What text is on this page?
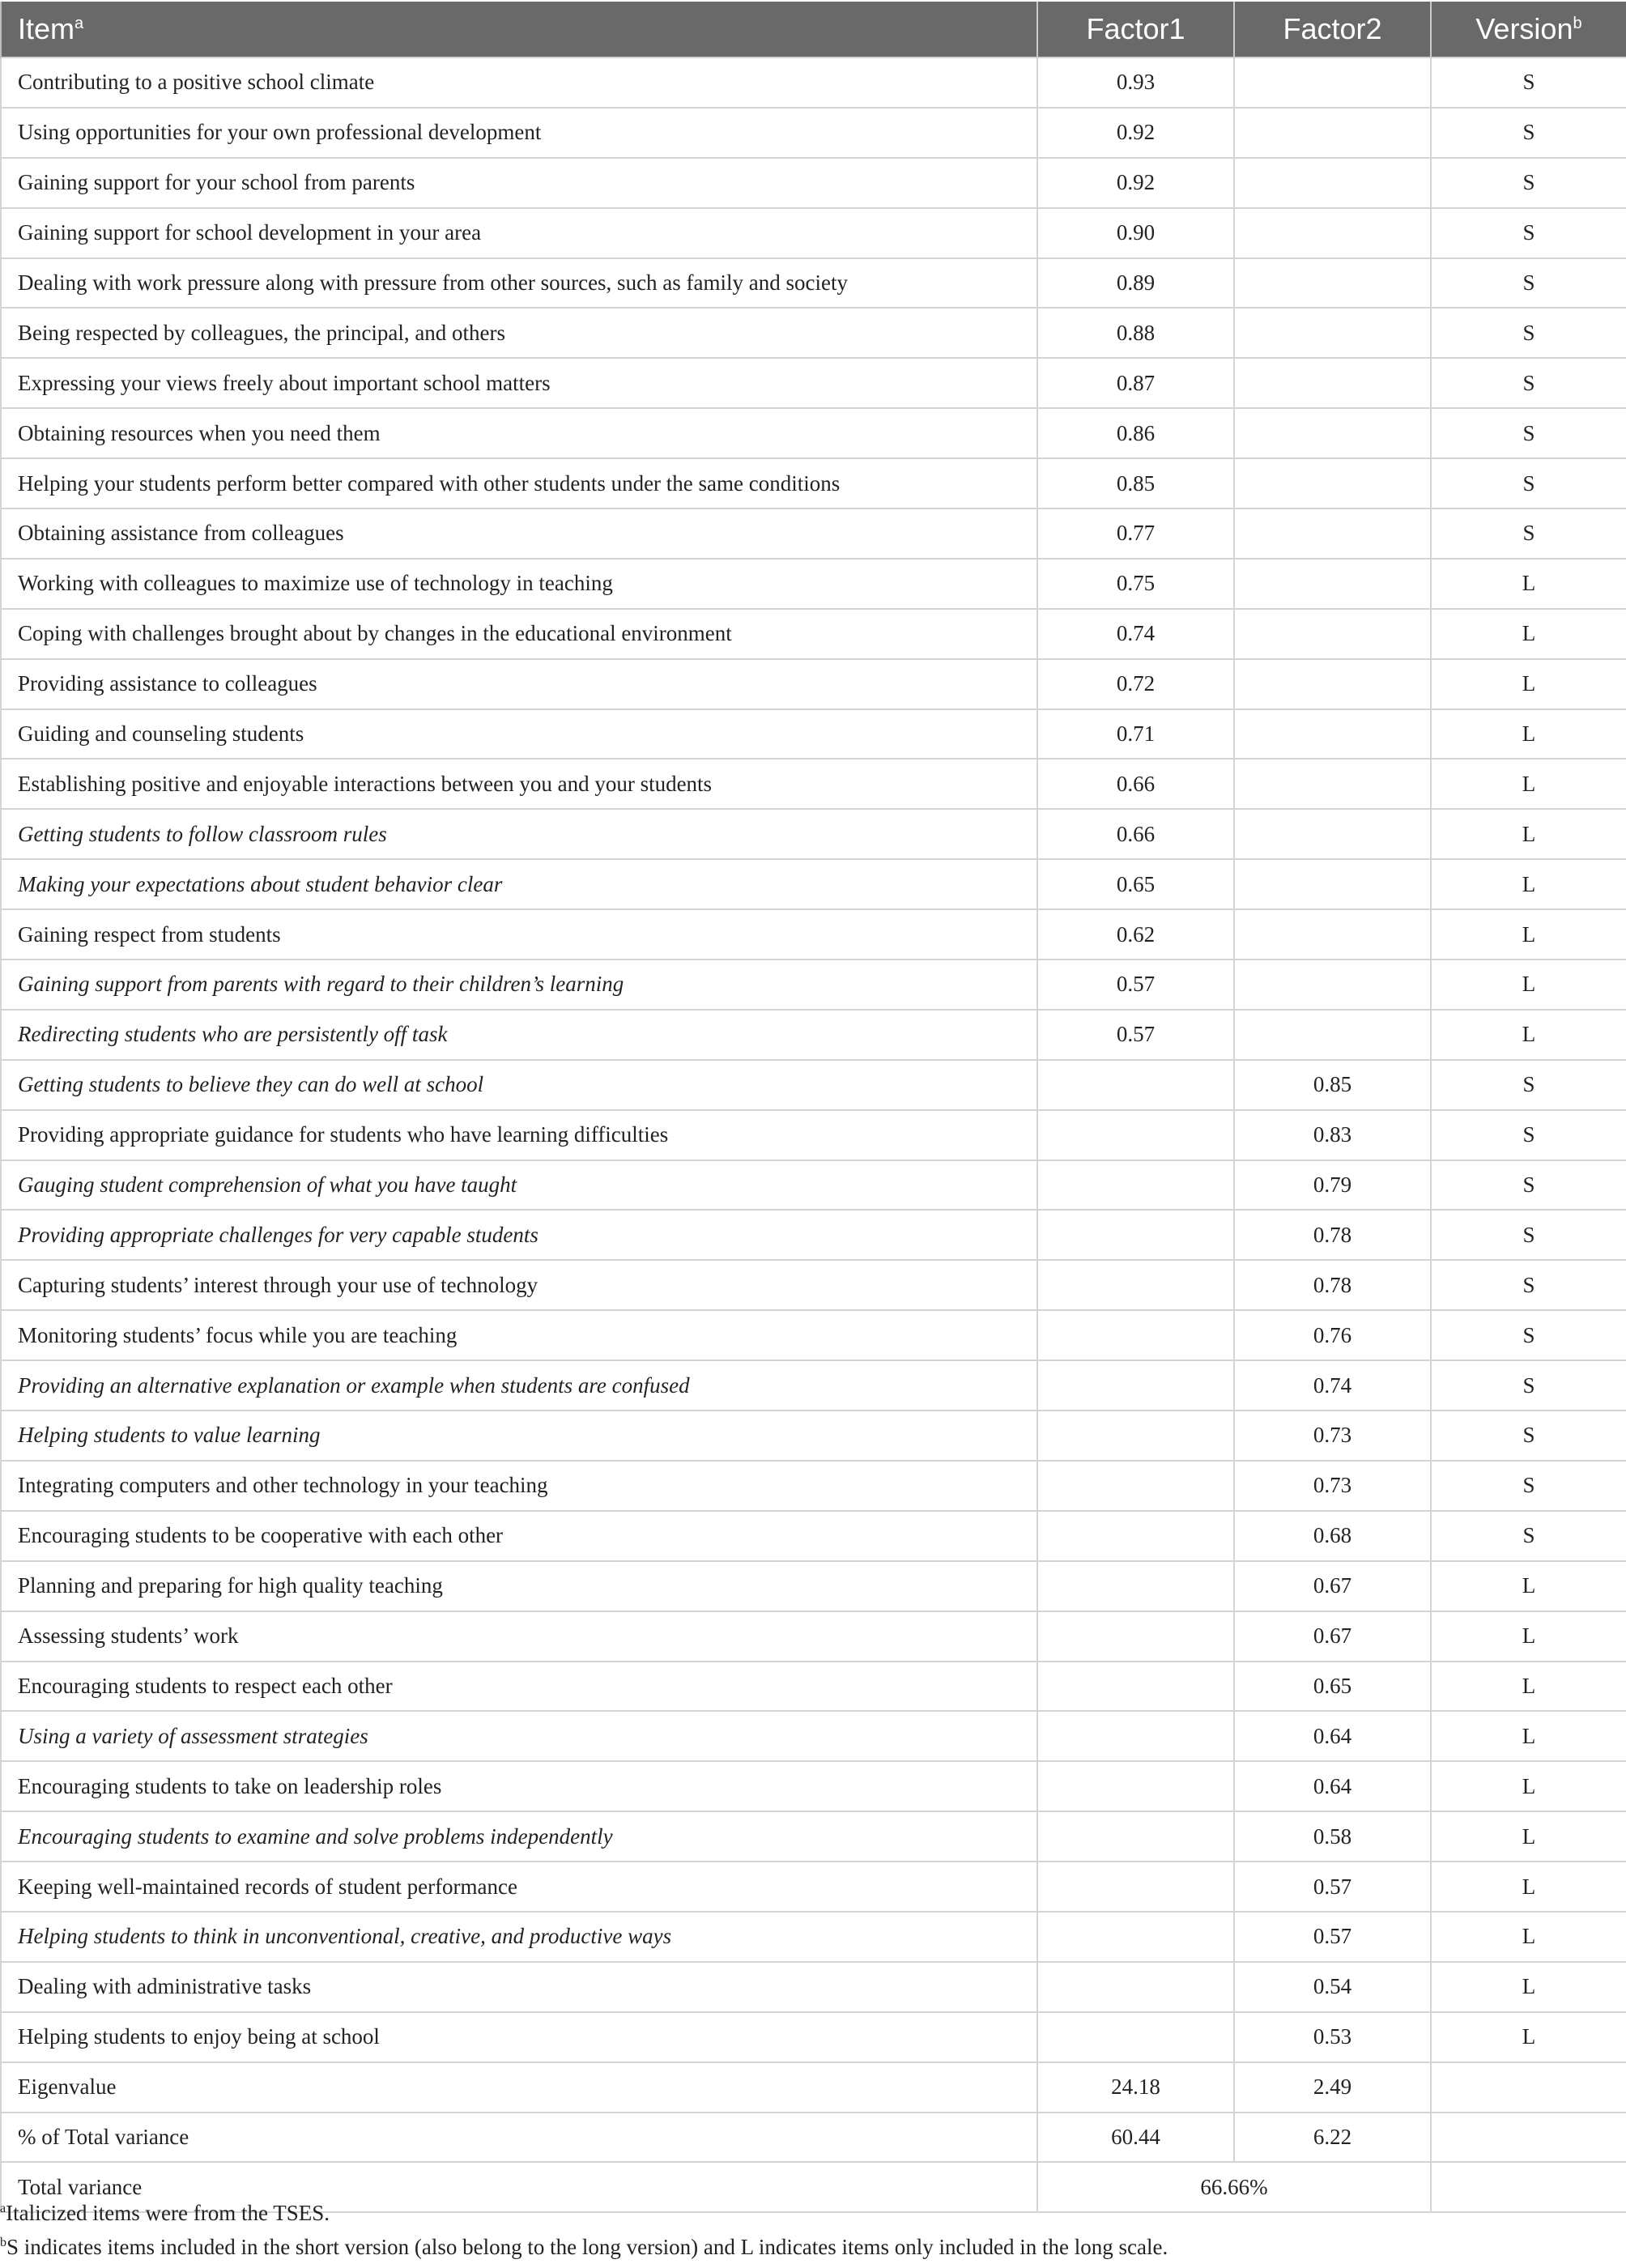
Item$^a$	Factor1	Factor2	Version$^b$
Contributing to a positive school climate	0.93		S
Using opportunities for your own professional development	0.92		S
Gaining support for your school from parents	0.92		S
Gaining support for school development in your area	0.90		S
Dealing with work pressure along with pressure from other sources, such as family and society	0.89		S
Being respected by colleagues, the principal, and others	0.88		S
Expressing your views freely about important school matters	0.87		S
Obtaining resources when you need them	0.86		S
Helping your students perform better compared with other students under the same conditions	0.85		S
Obtaining assistance from colleagues	0.77		S
Working with colleagues to maximize use of technology in teaching	0.75		L
Coping with challenges brought about by changes in the educational environment	0.74		L
Providing assistance to colleagues	0.72		L
Guiding and counseling students	0.71		L
Establishing positive and enjoyable interactions between you and your students	0.66		L
Getting students to follow classroom rules	0.66		L
Making your expectations about student behavior clear	0.65		L
Gaining respect from students	0.62		L
Gaining support from parents with regard to their children’s learning	0.57		L
Redirecting students who are persistently off task	0.57		L
Getting students to believe they can do well at school		0.85	S
Providing appropriate guidance for students who have learning difficulties		0.83	S
Gauging student comprehension of what you have taught		0.79	S
Providing appropriate challenges for very capable students		0.78	S
Capturing students’ interest through your use of technology		0.78	S
Monitoring students’ focus while you are teaching		0.76	S
Providing an alternative explanation or example when students are confused		0.74	S
Helping students to value learning		0.73	S
Integrating computers and other technology in your teaching		0.73	S
Encouraging students to be cooperative with each other		0.68	S
Planning and preparing for high quality teaching		0.67	L
Assessing students’ work		0.67	L
Encouraging students to respect each other		0.65	L
Using a variety of assessment strategies		0.64	L
Encouraging students to take on leadership roles		0.64	L
Encouraging students to examine and solve problems independently		0.58	L
Keeping well-maintained records of student performance		0.57	L
Helping students to think in unconventional, creative, and productive ways		0.57	L
Dealing with administrative tasks		0.54	L
Helping students to enjoy being at school		0.53	L
Eigenvalue	24.18	2.49	
% of Total variance	60.44	6.22	
Total variance	66.66%		

$^a$Italicized items were from the TSES.

$^b$S indicates items included in the short version (also belong to the long version) and L indicates items only included in the long scale.
